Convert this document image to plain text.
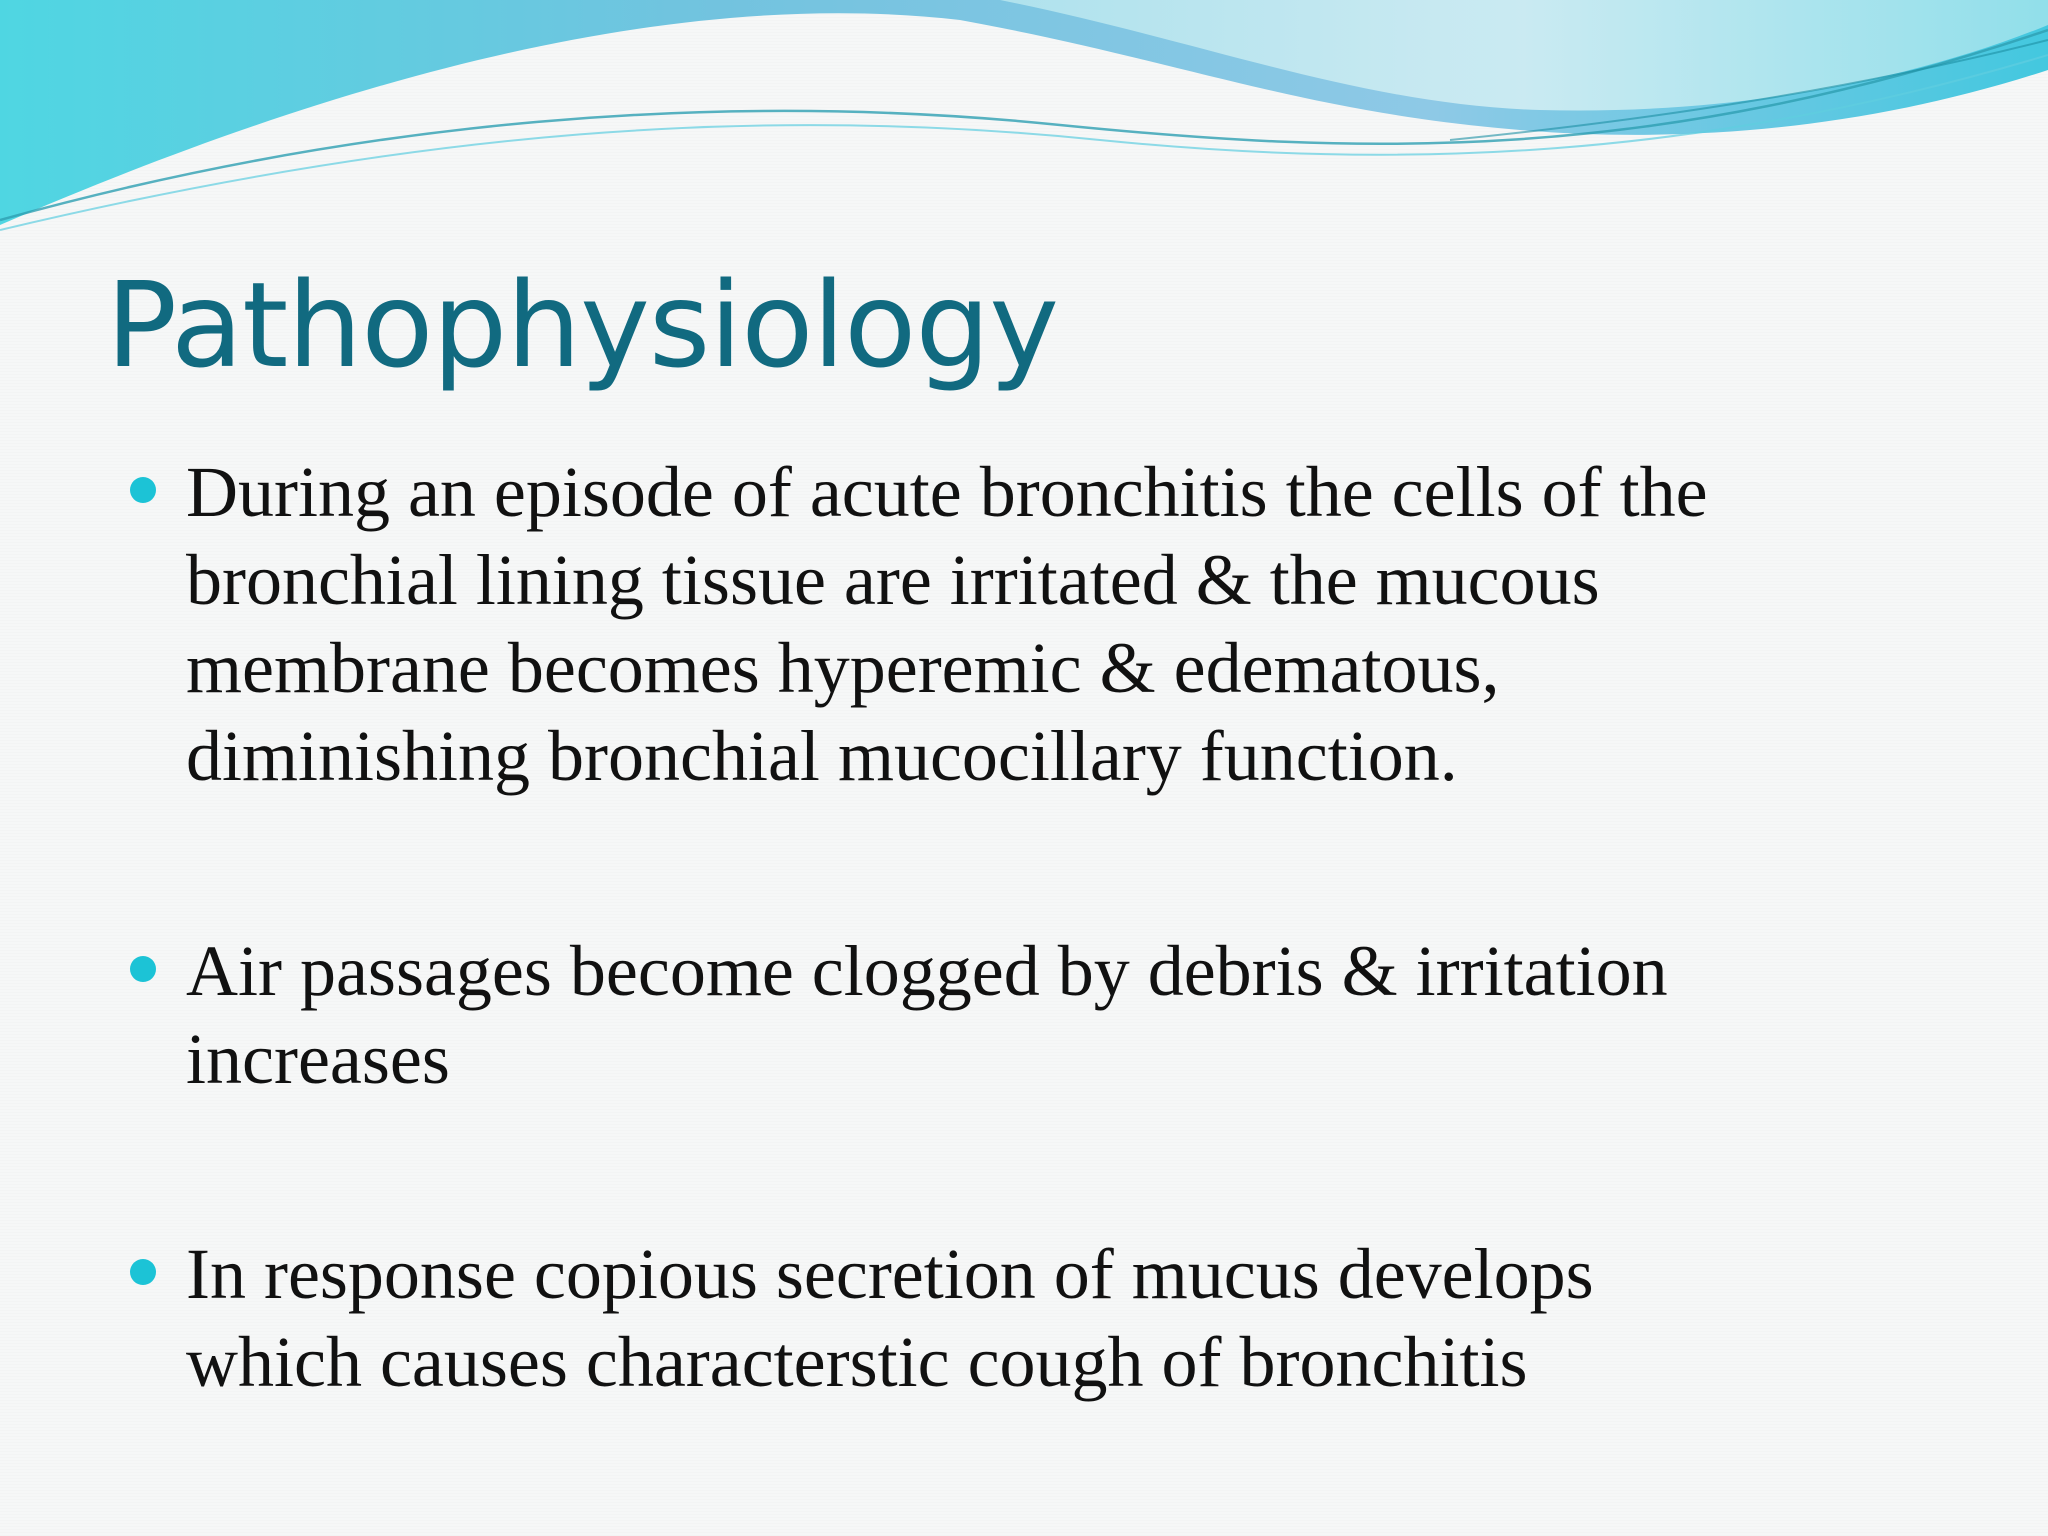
Pathophysiology
During an episode of acute bronchitis the cells of the
bronchial lining tissue are irritated & the mucous
membrane becomes hyperemic & edematous,
diminishing bronchial mucocillary function.
Air passages become clogged by debris & irritation
increases
In response copious secretion of mucus develops
which causes characterstic cough of bronchitis
